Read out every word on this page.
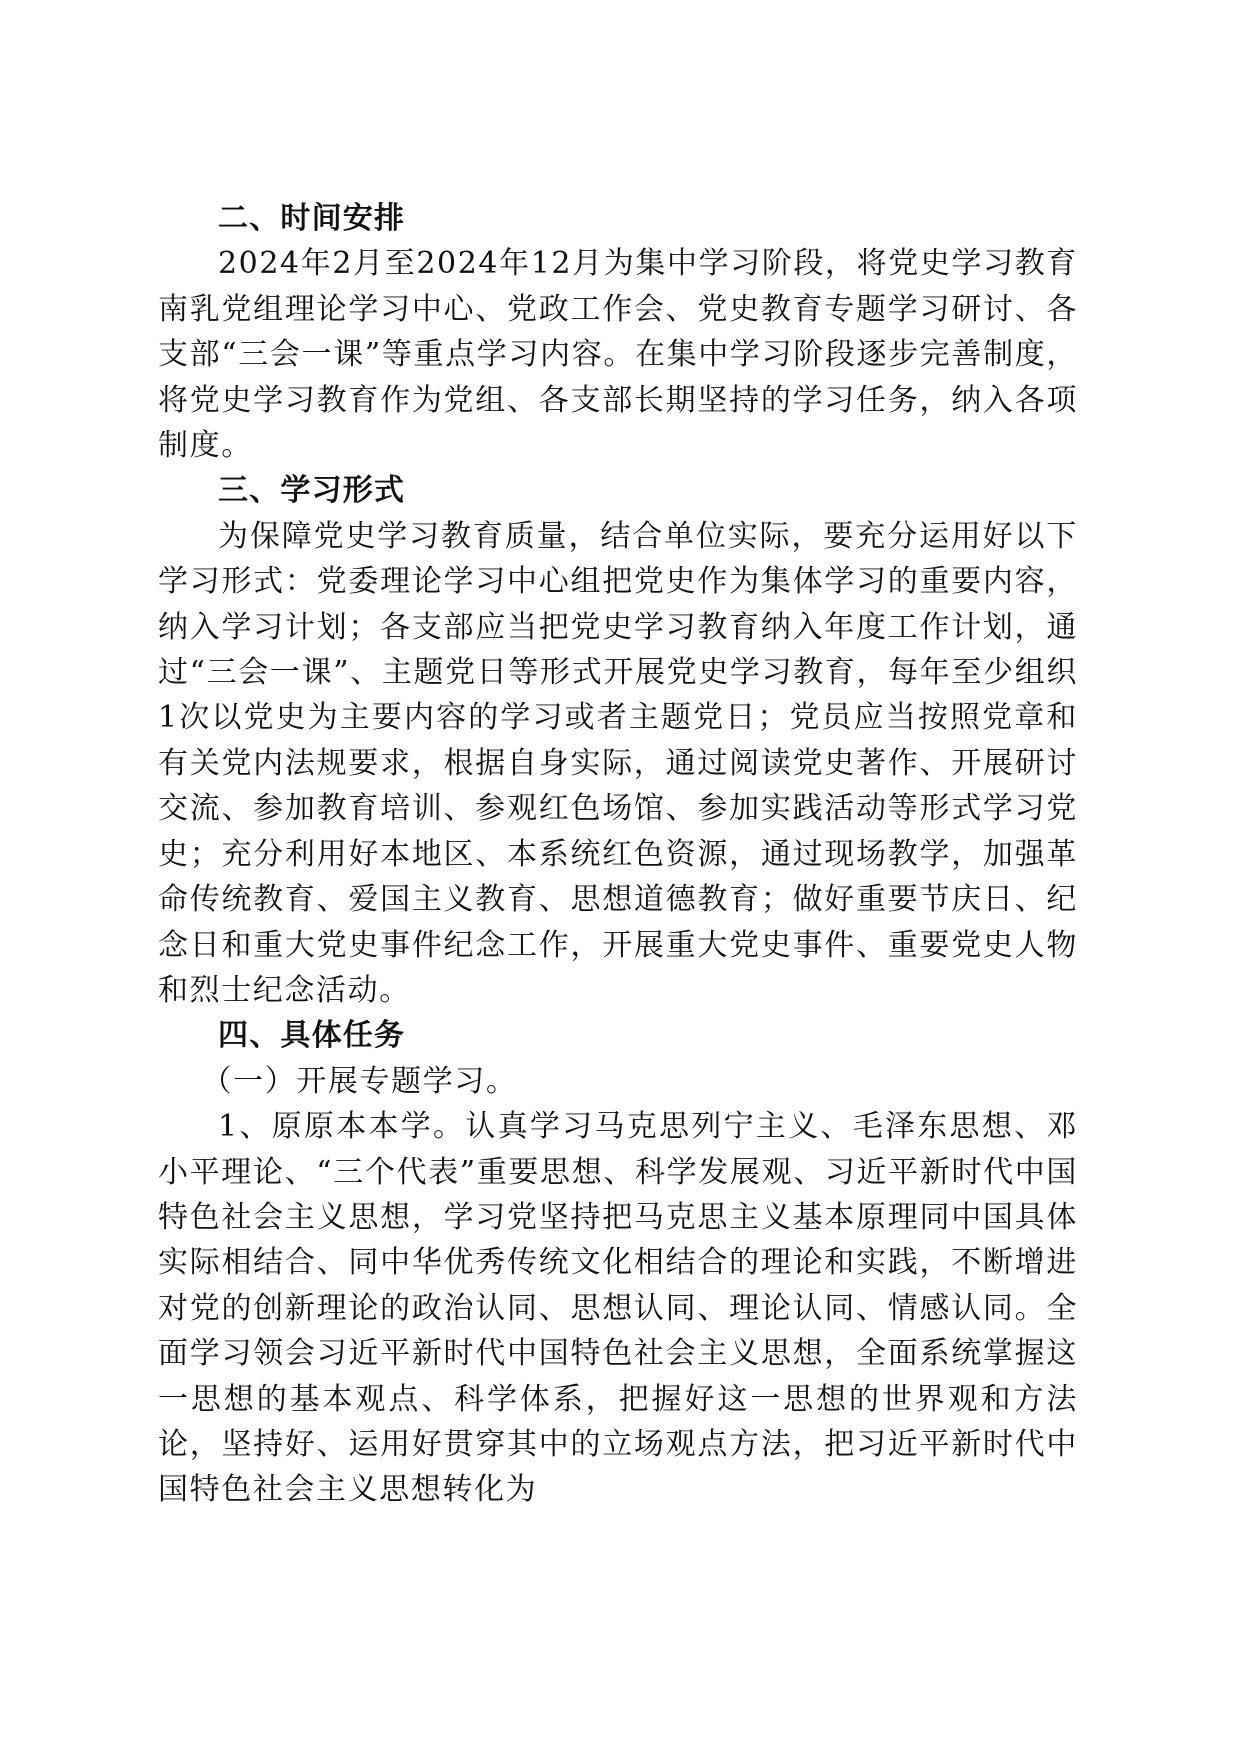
二、时间安排

2024年2月至2024年12月为集中学习阶段，将党史学习教育南乳党组理论学习中心、党政工作会、党史教育专题学习研讨、各支部“三会一课”等重点学习内容。在集中学习阶段逐步完善制度，将党史学习教育作为党组、各支部长期坚持的学习任务，纳入各项制度。

三、学习形式

为保障党史学习教育质量，结合单位实际，要充分运用好以下学习形式：党委理论学习中心组把党史作为集体学习的重要内容，纳入学习计划；各支部应当把党史学习教育纳入年度工作计划，通过“三会一课”、主题党日等形式开展党史学习教育，每年至少组织1次以党史为主要内容的学习或者主题党日；党员应当按照党章和有关党内法规要求，根据自身实际，通过阅读党史著作、开展研讨交流、参加教育培训、参观红色场馆、参加实践活动等形式学习党史；充分利用好本地区、本系统红色资源，通过现场教学，加强革命传统教育、爱国主义教育、思想道德教育；做好重要节庆日、纪念日和重大党史事件纪念工作，开展重大党史事件、重要党史人物和烈士纪念活动。

四、具体任务

（一）开展专题学习。

1、原原本本学。认真学习马克思列宁主义、毛泽东思想、邓小平理论、“三个代表”重要思想、科学发展观、习近平新时代中国特色社会主义思想，学习党坚持把马克思主义基本原理同中国具体实际相结合、同中华优秀传统文化相结合的理论和实践，不断增进对党的创新理论的政治认同、思想认同、理论认同、情感认同。全面学习领会习近平新时代中国特色社会主义思想，全面系统掌握这一思想的基本观点、科学体系，把握好这一思想的世界观和方法论，坚持好、运用好贯穿其中的立场观点方法，把习近平新时代中国特色社会主义思想转化为
